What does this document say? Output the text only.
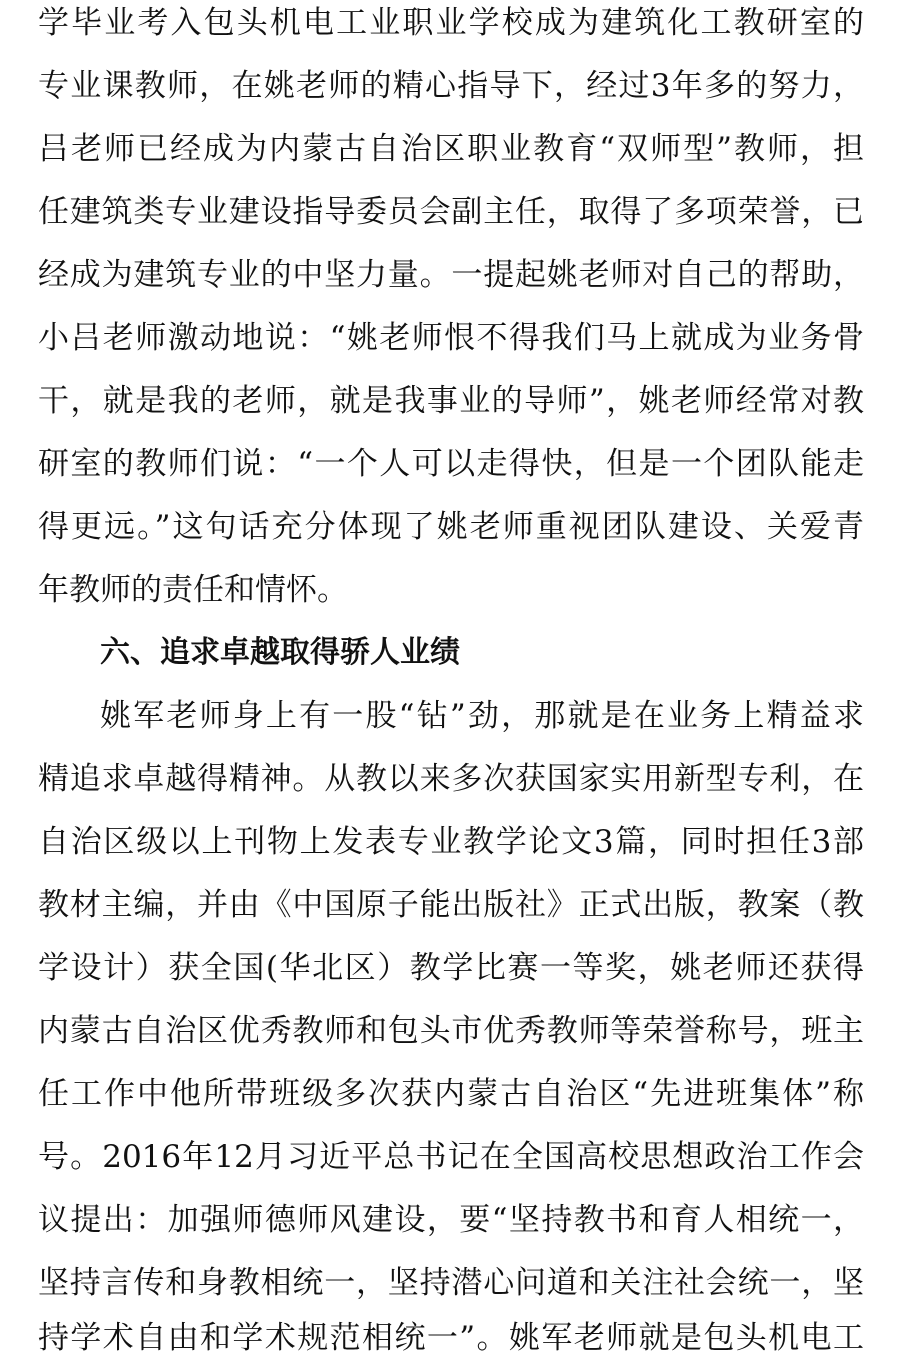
学毕业考入包头机电工业职业学校成为建筑化工教研室的
专业课教师，在姚老师的精心指导下，经过3年多的努力，
吕老师已经成为内蒙古自治区职业教育“双师型”教师，担
任建筑类专业建设指导委员会副主任，取得了多项荣誉，已
经成为建筑专业的中坚力量。一提起姚老师对自己的帮助，
小吕老师激动地说：“姚老师恨不得我们马上就成为业务骨
干，就是我的老师，就是我事业的导师”，姚老师经常对教
研室的教师们说：“一个人可以走得快，但是一个团队能走
得更远。”这句话充分体现了姚老师重视团队建设、关爱青
年教师的责任和情怀。
六、追求卓越取得骄人业绩
姚军老师身上有一股“钻”劲，那就是在业务上精益求
精追求卓越得精神。从教以来多次获国家实用新型专利，在
自治区级以上刊物上发表专业教学论文3篇，同时担任3部
教材主编，并由《中国原子能出版社》正式出版，教案（教
学设计）获全国(华北区）教学比赛一等奖，姚老师还获得
内蒙古自治区优秀教师和包头市优秀教师等荣誉称号，班主
任工作中他所带班级多次获内蒙古自治区“先进班集体”称
号。2016年12月习近平总书记在全国高校思想政治工作会
议提出：加强师德师风建设，要“坚持教书和育人相统一，
坚持言传和身教相统一，坚持潜心问道和关注社会统一，坚
持学术自由和学术规范相统一”。姚军老师就是包头机电工
